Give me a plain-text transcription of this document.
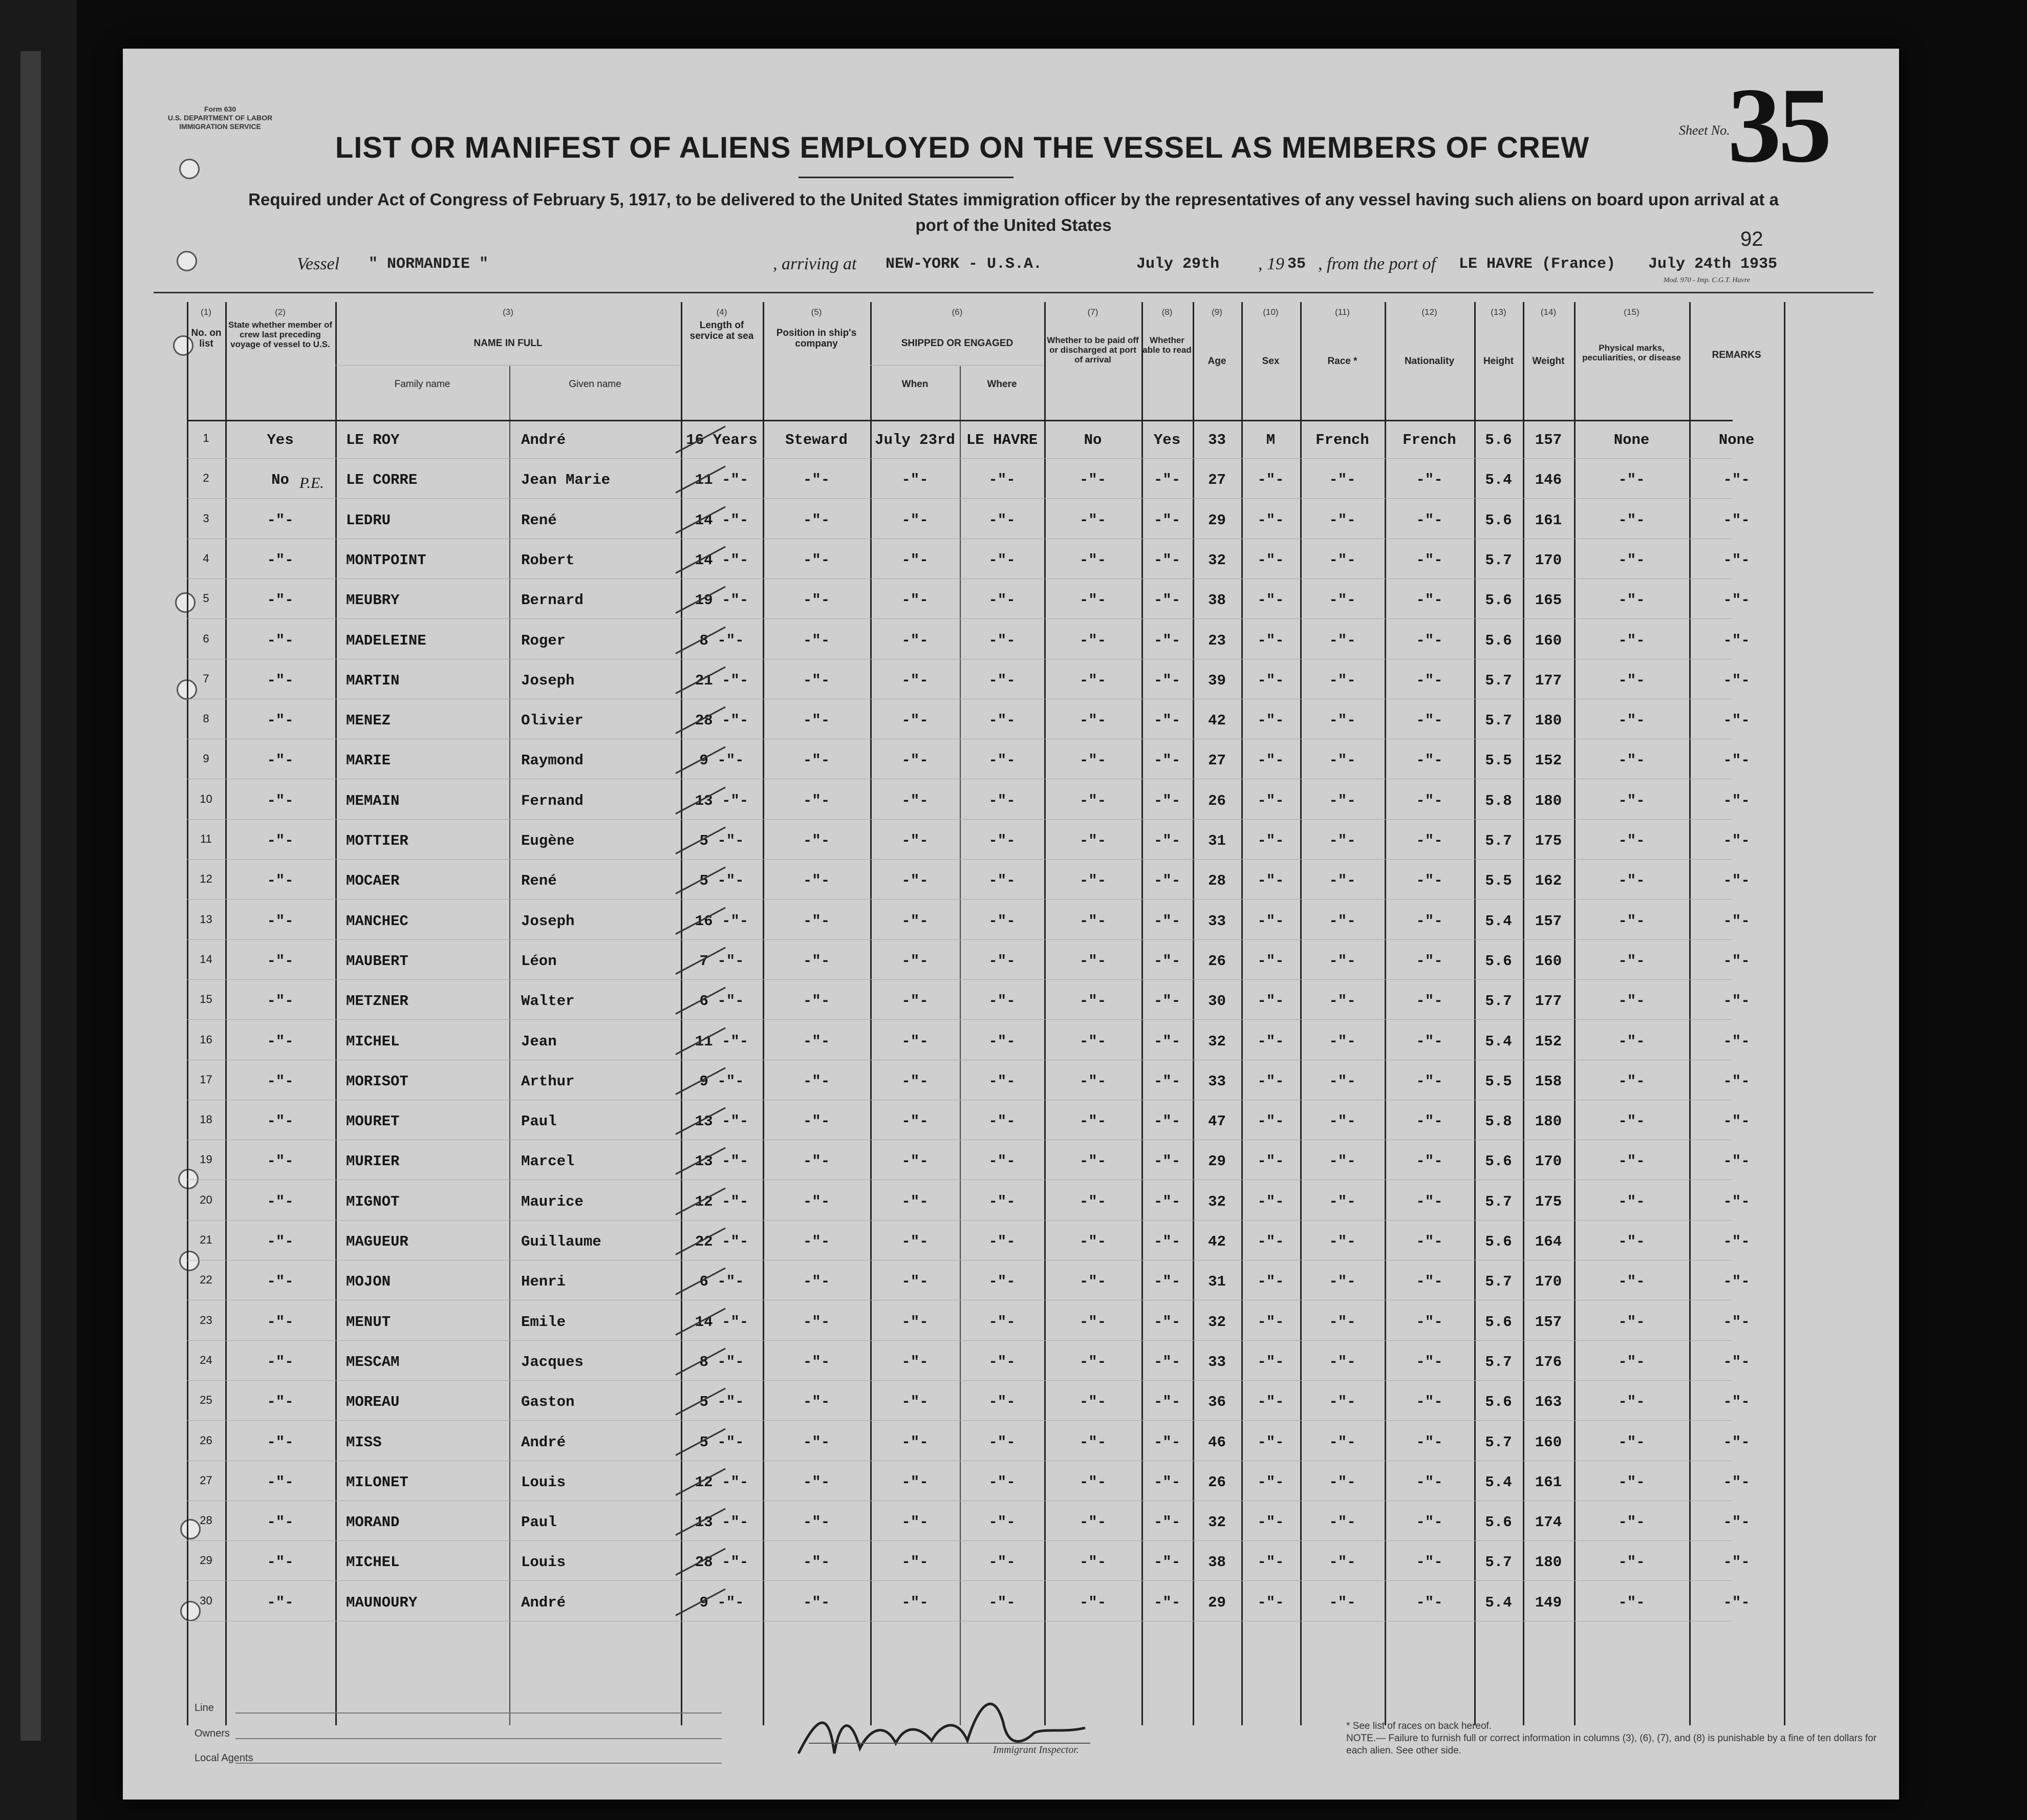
Form 630
U.S. DEPARTMENT OF LABOR
IMMIGRATION SERVICE
LIST OR MANIFEST OF ALIENS EMPLOYED ON THE VESSEL AS MEMBERS OF CREW
Sheet No.
35
Required under Act of Congress of February 5, 1917, to be delivered to the United States immigration officer by the representatives of any vessel having such aliens on board upon arrival at a
port of the United States
92
Vessel " NORMANDIE "	, arriving at NEW-YORK - U.S.A.	July 29th , 19 35 , from the port of LE HAVRE (France) July 24th 1935
Mod. 970 - Imp. C.G.T. Havre
(1)
No. on list
(2)
State whether member of crew last preceding voyage of vessel to U.S.
(3)
NAME IN FULL
Family name	Given name
(4)
Length of service at sea
(5)
Position in ship's company
(6)
SHIPPED OR ENGAGED
When	Where
(7)
Whether to be paid off or discharged at port of arrival
(8)
Whether able to read
(9)
Age
(10)
Sex
(11)
Race *
(12)
Nationality
(13)
Height
(14)
Weight
(15)
Physical marks, peculiarities, or disease	REMARKS
1	Yes	LE ROY	André	16 Years	Steward	July 23rd LE HAVRE	No	Yes	33	M	French	French	5.6	157	None	None
2	No	LE CORRE	Jean Marie	11 -"-	-"-	-"-	-"-	-"-	-"-	27	-"-	-"-	-"-	5.4	146	-"-	-"-
3	-"-	LEDRU	René	14 -"-	-"-	-"-	-"-	-"-	-"-	29	-"-	-"-	-"-	5.6	161	-"-	-"-
4	-"-	MONTPOINT	Robert	14 -"-	-"-	-"-	-"-	-"-	-"-	32	-"-	-"-	-"-	5.7	170	-"-	-"-
5	-"-	MEUBRY	Bernard	19 -"-	-"-	-"-	-"-	-"-	-"-	38	-"-	-"-	-"-	5.6	165	-"-	-"-
6	-"-	MADELEINE	Roger	8 -"-	-"-	-"-	-"-	-"-	-"-	23	-"-	-"-	-"-	5.6	160	-"-	-"-
7	-"-	MARTIN	Joseph	21 -"-	-"-	-"-	-"-	-"-	-"-	39	-"-	-"-	-"-	5.7	177	-"-	-"-
8	-"-	MENEZ	Olivier	28 -"-	-"-	-"-	-"-	-"-	-"-	42	-"-	-"-	-"-	5.7	180	-"-	-"-
9	-"-	MARIE	Raymond	9 -"-	-"-	-"-	-"-	-"-	-"-	27	-"-	-"-	-"-	5.5	152	-"-	-"-
10	-"-	MEMAIN	Fernand	13 -"-	-"-	-"-	-"-	-"-	-"-	26	-"-	-"-	-"-	5.8	180	-"-	-"-
11	-"-	MOTTIER	Eugène	5 -"-	-"-	-"-	-"-	-"-	-"-	31	-"-	-"-	-"-	5.7	175	-"-	-"-
12	-"-	MOCAER	René	5 -"-	-"-	-"-	-"-	-"-	-"-	28	-"-	-"-	-"-	5.5	162	-"-	-"-
13	-"-	MANCHEC	Joseph	16 -"-	-"-	-"-	-"-	-"-	-"-	33	-"-	-"-	-"-	5.4	157	-"-	-"-
14	-"-	MAUBERT	Léon	7 -"-	-"-	-"-	-"-	-"-	-"-	26	-"-	-"-	-"-	5.6	160	-"-	-"-
15	-"-	METZNER	Walter	6 -"-	-"-	-"-	-"-	-"-	-"-	30	-"-	-"-	-"-	5.7	177	-"-	-"-
16	-"-	MICHEL	Jean	11 -"-	-"-	-"-	-"-	-"-	-"-	32	-"-	-"-	-"-	5.4	152	-"-	-"-
17	-"-	MORISOT	Arthur	9 -"-	-"-	-"-	-"-	-"-	-"-	33	-"-	-"-	-"-	5.5	158	-"-	-"-
18	-"-	MOURET	Paul	13 -"-	-"-	-"-	-"-	-"-	-"-	47	-"-	-"-	-"-	5.8	180	-"-	-"-
19	-"-	MURIER	Marcel	13 -"-	-"-	-"-	-"-	-"-	-"-	29	-"-	-"-	-"-	5.6	170	-"-	-"-
20	-"-	MIGNOT	Maurice	12 -"-	-"-	-"-	-"-	-"-	-"-	32	-"-	-"-	-"-	5.7	175	-"-	-"-
21	-"-	MAGUEUR	Guillaume	22 -"-	-"-	-"-	-"-	-"-	-"-	42	-"-	-"-	-"-	5.6	164	-"-	-"-
22	-"-	MOJON	Henri	6 -"-	-"-	-"-	-"-	-"-	-"-	31	-"-	-"-	-"-	5.7	170	-"-	-"-
23	-"-	MENUT	Emile	14 -"-	-"-	-"-	-"-	-"-	-"-	32	-"-	-"-	-"-	5.6	157	-"-	-"-
24	-"-	MESCAM	Jacques	8 -"-	-"-	-"-	-"-	-"-	-"-	33	-"-	-"-	-"-	5.7	176	-"-	-"-
25	-"-	MOREAU	Gaston	5 -"-	-"-	-"-	-"-	-"-	-"-	36	-"-	-"-	-"-	5.6	163	-"-	-"-
26	-"-	MISS	André	5 -"-	-"-	-"-	-"-	-"-	-"-	46	-"-	-"-	-"-	5.7	160	-"-	-"-
27	-"-	MILONET	Louis	12 -"-	-"-	-"-	-"-	-"-	-"-	26	-"-	-"-	-"-	5.4	161	-"-	-"-
28	-"-	MORAND	Paul	13 -"-	-"-	-"-	-"-	-"-	-"-	32	-"-	-"-	-"-	5.6	174	-"-	-"-
29	-"-	MICHEL	Louis	28 -"-	-"-	-"-	-"-	-"-	-"-	38	-"-	-"-	-"-	5.7	180	-"-	-"-
30	-"-	MAUNOURY	André	9 -"-	-"-	-"-	-"-	-"-	-"-	29	-"-	-"-	-"-	5.4	149	-"-	-"-
P.E.
Line
Owners
Local Agents
Immigrant Inspector.
* See list of races on back hereof.
NOTE.— Failure to furnish full or correct information in columns (3), (6), (7), and (8) is punishable by a fine of ten dollars for each alien. See other side.
